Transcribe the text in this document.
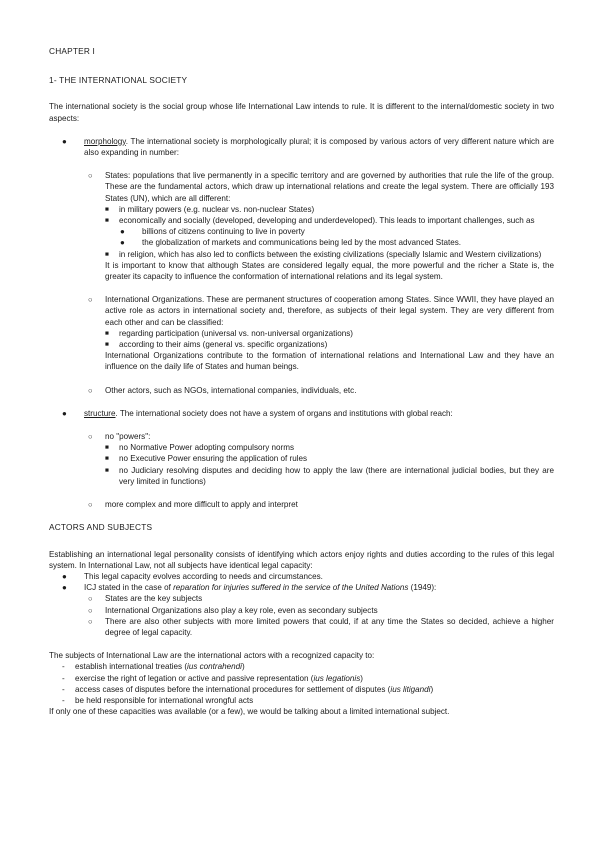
CHAPTER I

1- THE INTERNATIONAL SOCIETY

The international society is the social group whose life International Law intends to rule. It is different to the internal/domestic society in two aspects:

● morphology. The international society is morphologically plural; it is composed by various actors of very different nature which are also expanding in number:
○ States: populations that live permanently in a specific territory and are governed by authorities that rule the life of the group. These are the fundamental actors, which draw up international relations and create the legal system. There are officially 193 States (UN), which are all different:
■ in military powers (e.g. nuclear vs. non-nuclear States)
■ economically and socially (developed, developing and underdeveloped). This leads to important challenges, such as
● billions of citizens continuing to live in poverty
● the globalization of markets and communications being led by the most advanced States.
■ in religion, which has also led to conflicts between the existing civilizations (specially Islamic and Western civilizations)

It is important to know that although States are considered legally equal, the more powerful and the richer a State is, the greater its capacity to influence the conformation of international relations and its legal system.

○ International Organizations. These are permanent structures of cooperation among States. Since WWII, they have played an active role as actors in international society and, therefore, as subjects of their legal system. They are very different from each other and can be classified:
■ regarding participation (universal vs. non-universal organizations)
■ according to their aims (general vs. specific organizations)

International Organizations contribute to the formation of international relations and International Law and they have an influence on the daily life of States and human beings.

○ Other actors, such as NGOs, international companies, individuals, etc.
● structure. The international society does not have a system of organs and institutions with global reach:
○ no "powers":
■ no Normative Power adopting compulsory norms
■ no Executive Power ensuring the application of rules
■ no Judiciary resolving disputes and deciding how to apply the law (there are international judicial bodies, but they are very limited in functions)
○ more complex and more difficult to apply and interpret

ACTORS AND SUBJECTS

Establishing an international legal personality consists of identifying which actors enjoy rights and duties according to the rules of this legal system. In International Law, not all subjects have identical legal capacity:

● This legal capacity evolves according to needs and circumstances.
● ICJ stated in the case of reparation for injuries suffered in the service of the United Nations (1949):
○ States are the key subjects
○ International Organizations also play a key role, even as secondary subjects
○ There are also other subjects with more limited powers that could, if at any time the States so decided, achieve a higher degree of legal capacity.

The subjects of International Law are the international actors with a recognized capacity to:

- establish international treaties (ius contrahendi)
- exercise the right of legation or active and passive representation (ius legationis)
- access cases of disputes before the international procedures for settlement of disputes (ius litigandi)
- be held responsible for international wrongful acts

If only one of these capacities was available (or a few), we would be talking about a limited international subject.
